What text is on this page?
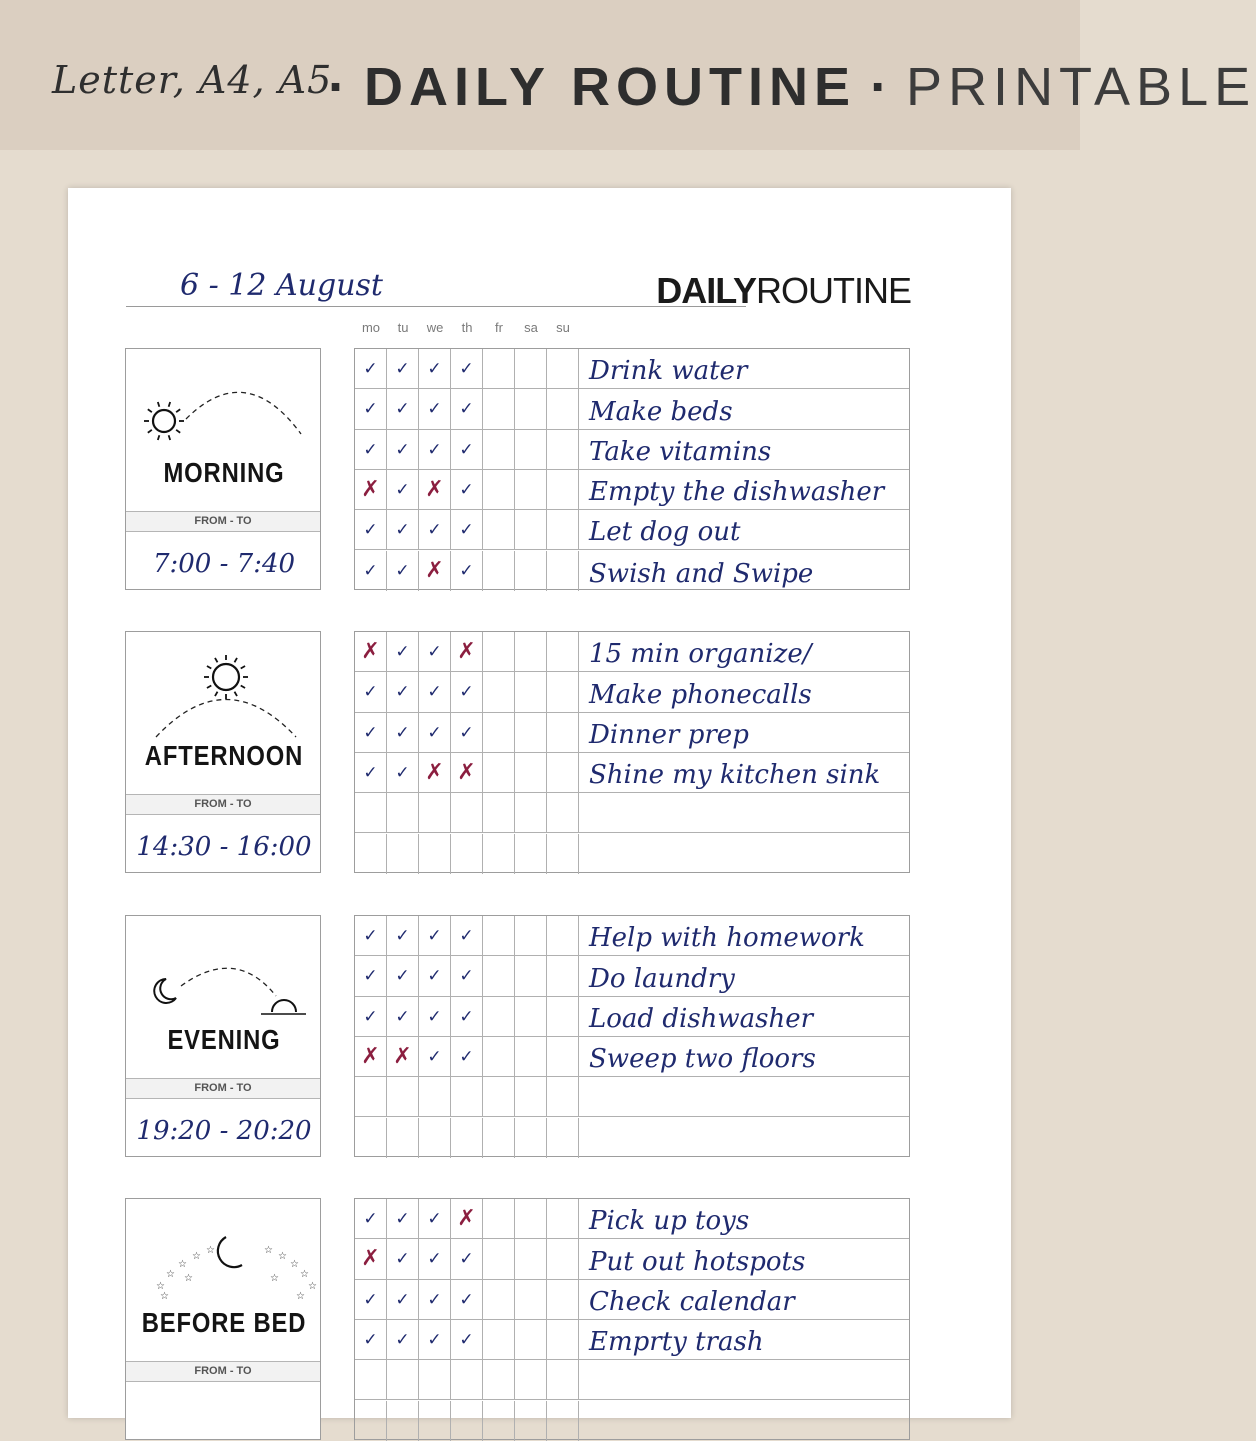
Letter, A4, A5
· DAILY ROUTINE · PRINTABLE
6 - 12 August	DAILYROUTINE
mo	tu	we	th	fr	sa	su
MORNING
FROM - TO
7:00 - 7:40
✓	✓	✓	✓	Drink water
✓	✓	✓	✓	Make beds
✓	✓	✓	✓	Take vitamins
✗ ✓ ✗ ✓	Empty the dishwasher
✓	✓	✓	✓	Let dog out
✓	✓ ✗ ✓	Swish and Swipe
AFTERNOON
FROM - TO
14:30 - 16:00
✗ ✓	✓ ✗	15 min organize/
✓	✓	✓	✓	Make phonecalls
✓	✓	✓	✓	Dinner prep
✓	✓ ✗ ✗	Shine my kitchen sink
EVENING
FROM - TO
19:20 - 20:20
✓	✓	✓	✓	Help with homework
✓	✓	✓	✓	Do laundry
✓	✓	✓	✓	Load dishwasher
✗ ✗ ✓	✓	Sweep two floors
☆
☆
☆
☆
☆	☆
☆
☆
☆
☆
☆
☆	☆
☆
BEFORE BED
FROM - TO
✓	✓	✓ ✗	Pick up toys
✗ ✓	✓	✓	Put out hotspots
✓	✓	✓	✓	Check calendar
✓	✓	✓	✓	Emprty trash
